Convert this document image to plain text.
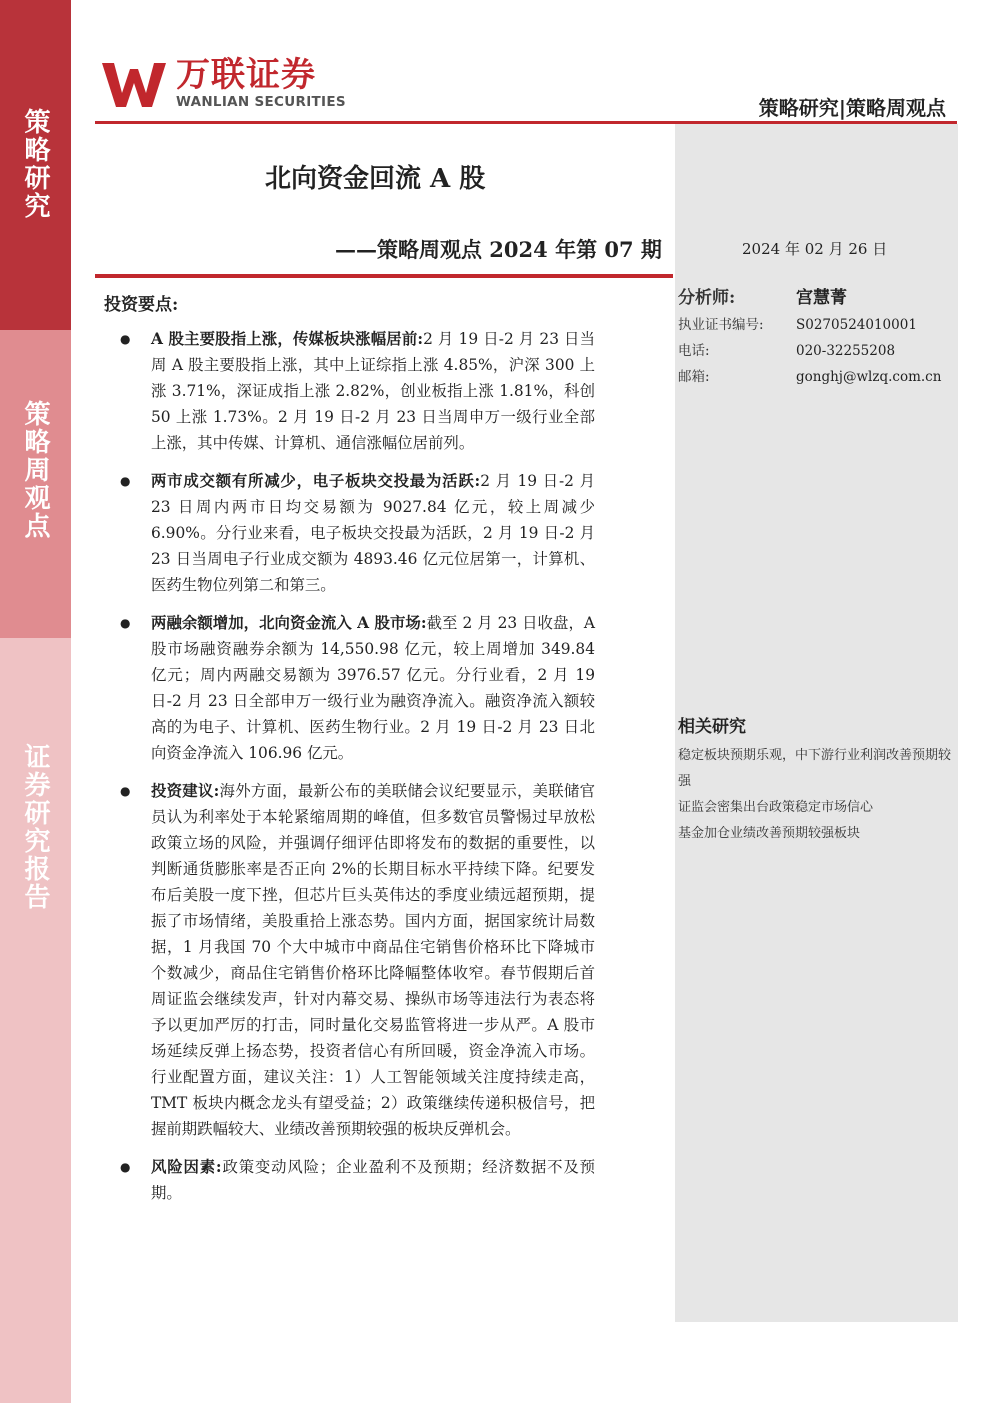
策略研究
策略周观点
证券研究报告
万联证券
WANLIAN SECURITIES	策略研究|策略周观点
北向资金回流 A 股
——策略周观点 2024 年第 07 期	2024 年 02 月 26 日
投资要点:
● A 股主要股指上涨，传媒板块涨幅居前:2 月 19 日-2 月 23 日当周 A 股主要股指上涨，其中上证综指上涨 4.85%，沪深 300 上涨 3.71%，深证成指上涨 2.82%，创业板指上涨 1.81%，科创 50 上涨 1.73%。2 月 19 日-2 月 23 日当周申万一级行业全部上涨，其中传媒、计算机、通信涨幅位居前列。
● 两市成交额有所减少，电子板块交投最为活跃:2 月 19 日-2 月 23 日周内两市日均交易额为 9027.84 亿元，较上周减少 6.90%。分行业来看，电子板块交投最为活跃，2 月 19 日-2 月 23 日当周电子行业成交额为 4893.46 亿元位居第一，计算机、医药生物位列第二和第三。
● 两融余额增加，北向资金流入 A 股市场:截至 2 月 23 日收盘，A 股市场融资融券余额为 14,550.98 亿元，较上周增加 349.84 亿元；周内两融交易额为 3976.57 亿元。分行业看，2 月 19 日-2 月 23 日全部申万一级行业为融资净流入。融资净流入额较高的为电子、计算机、医药生物行业。2 月 19 日-2 月 23 日北向资金净流入 106.96 亿元。
● 投资建议:海外方面，最新公布的美联储会议纪要显示，美联储官员认为利率处于本轮紧缩周期的峰值，但多数官员警惕过早放松政策立场的风险，并强调仔细评估即将发布的数据的重要性，以判断通货膨胀率是否正向 2%的长期目标水平持续下降。纪要发布后美股一度下挫，但芯片巨头英伟达的季度业绩远超预期，提振了市场情绪，美股重拾上涨态势。国内方面，据国家统计局数据，1 月我国 70 个大中城市中商品住宅销售价格环比下降城市个数减少，商品住宅销售价格环比降幅整体收窄。春节假期后首周证监会继续发声，针对内幕交易、操纵市场等违法行为表态将予以更加严厉的打击，同时量化交易监管将进一步从严。A 股市场延续反弹上扬态势，投资者信心有所回暖，资金净流入市场。行业配置方面，建议关注：1）人工智能领域关注度持续走高，TMT 板块内概念龙头有望受益；2）政策继续传递积极信号，把握前期跌幅较大、业绩改善预期较强的板块反弹机会。
● 风险因素:政策变动风险；企业盈利不及预期；经济数据不及预期。
分析师:	宫慧菁
执业证书编号:	S0270524010001
电话:	020-32255208
邮箱:	gonghj@wlzq.com.cn
相关研究
稳定板块预期乐观，中下游行业利润改善预期较强
证监会密集出台政策稳定市场信心
基金加仓业绩改善预期较强板块
